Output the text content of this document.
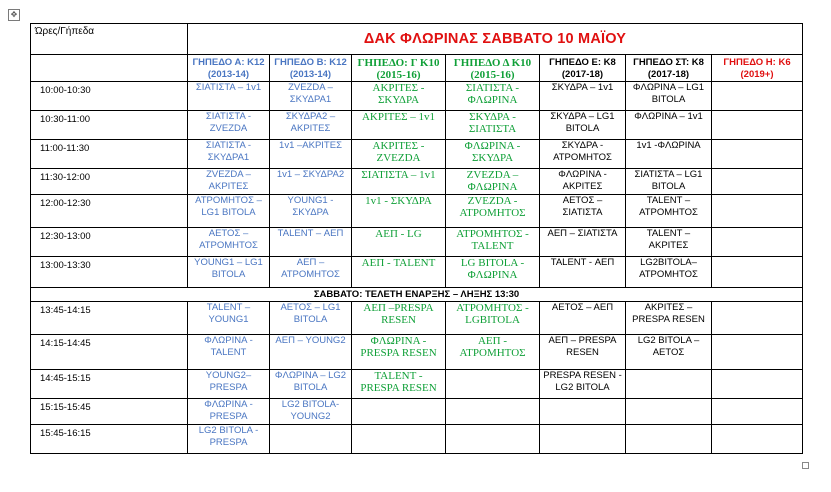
✥
Ώρες/Γήπεδα	ΔΑΚ ΦΛΩΡΙΝΑΣ ΣΑΒΒΑΤΟ 10 ΜΑΪΟΥ						
	ΓΗΠΕΔΟ Α: Κ12 (2013-14)	ΓΗΠΕΔΟ Β: Κ12 (2013-14)	ΓΗΠΕΔΟ: Γ Κ10 (2015-16)	ΓΗΠΕΔΟ Δ Κ10 (2015-16)	ΓΗΠΕΔΟ Ε: Κ8 (2017-18)	ΓΗΠΕΔΟ ΣΤ: Κ8 (2017-18)	ΓΗΠΕΔΟ Η: Κ6 (2019+)
10:00-10:30	ΣΙΑΤΙΣΤΑ – 1v1	ZVEZDA – ΣΚΥΔΡΑ1	ΑΚΡΙΤΕΣ - ΣΚΥΔΡΑ	ΣΙΑΤΙΣΤΑ - ΦΛΩΡΙΝΑ	ΣΚΥΔΡΑ – 1v1	ΦΛΩΡΙΝΑ – LG1 BITOLA	
10:30-11:00	ΣΙΑΤΙΣΤΑ - ZVEZDA	ΣΚΥΔΡΑ2 – ΑΚΡΙΤΕΣ	ΑΚΡΙΤΕΣ – 1v1	ΣΚΥΔΡΑ - ΣΙΑΤΙΣΤΑ	ΣΚΥΔΡΑ – LG1 BITOLA	ΦΛΩΡΙΝΑ – 1v1	
11:00-11:30	ΣΙΑΤΙΣΤΑ - ΣΚΥΔΡΑ1	1v1 –ΑΚΡΙΤΕΣ	ΑΚΡΙΤΕΣ - ZVEZDA	ΦΛΩΡΙΝΑ - ΣΚΥΔΡΑ	ΣΚΥΔΡΑ - ΑΤΡΟΜΗΤΟΣ	1v1 -ΦΛΩΡΙΝΑ	
11:30-12:00	ZVEZDA – ΑΚΡΙΤΕΣ	1v1 – ΣΚΥΔΡΑ2	ΣΙΑΤΙΣΤΑ – 1v1	ZVEZDA – ΦΛΩΡΙΝΑ	ΦΛΩΡΙΝΑ - ΑΚΡΙΤΕΣ	ΣΙΑΤΙΣΤΑ – LG1 BITOLA	
12:00-12:30	ΑΤΡΟΜΗΤΟΣ – LG1 BITOLA	YOUNG1 - ΣΚΥΔΡΑ	1v1 - ΣΚΥΔΡΑ	ZVEZDA - ΑΤΡΟΜΗΤΟΣ	ΑΕΤΟΣ – ΣΙΑΤΙΣΤΑ	TALENT – ΑΤΡΟΜΗΤΟΣ	
12:30-13:00	ΑΕΤΟΣ – ΑΤΡΟΜΗΤΟΣ	TALENT – ΑΕΠ	ΑΕΠ - LG	ΑΤΡΟΜΗΤΟΣ - TALENT	ΑΕΠ – ΣΙΑΤΙΣΤΑ	TALENT – ΑΚΡΙΤΕΣ	
13:00-13:30	YOUNG1 – LG1 BITOLA	ΑΕΠ – ΑΤΡΟΜΗΤΟΣ	ΑΕΠ - TALENT	LG BITOLA - ΦΛΩΡΙΝΑ	TALENT - ΑΕΠ	LG2BITOLA– ΑΤΡΟΜΗΤΟΣ	
ΣΑΒΒΑΤΟ: ΤΕΛΕΤΗ ΕΝΑΡΞΗΣ – ΛΗΞΗΣ 13:30							
13:45-14:15	TALENT – YOUNG1	ΑΕΤΟΣ – LG1 BITOLA	ΑΕΠ –PRESPA RESEN	ΑΤΡΟΜΗΤΟΣ - LGBITOLA	ΑΕΤΟΣ – ΑΕΠ	ΑΚΡΙΤΕΣ – PRESPA RESEN	
14:15-14:45	ΦΛΩΡΙΝΑ - TALENT	ΑΕΠ – YOUNG2	ΦΛΩΡΙΝΑ - PRESPA RESEN	ΑΕΠ - ΑΤΡΟΜΗΤΟΣ	ΑΕΠ – PRESPA RESEN	LG2 BITOLA – ΑΕΤΟΣ	
14:45-15:15	YOUNG2– PRESPA	ΦΛΩΡΙΝΑ – LG2 BITOLA	TALENT - PRESPA RESEN		PRESPA RESEN - LG2 BITOLA		
15:15-15:45	ΦΛΩΡΙΝΑ - PRESPA	LG2 BITOLA- YOUNG2					
15:45-16:15	LG2 BITOLA - PRESPA						
